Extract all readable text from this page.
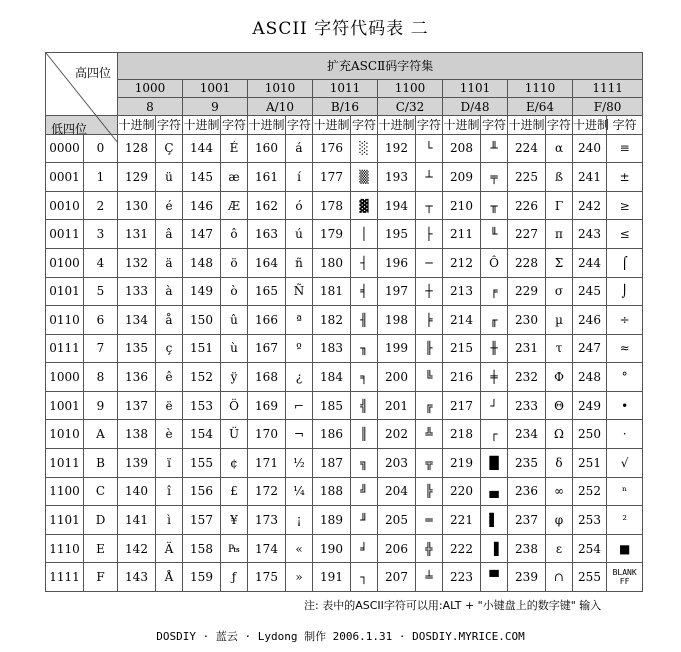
ASCII 字符代码表 二
高四位
低四位		扩充ASCⅡ码字符集															
		1000		1001		1010		1011		1100		1101		1110		1111	
		8		9		A/10		B/16		C/32		D/48		E/64		F/80	
		十进制	字符	十进制	字符	十进制	字符	十进制	字符	十进制	字符	十进制	字符	十进制	字符	十进制	字符
0000	0	128	Ç	144	É	160	á	176	░	192	└	208	╨	224	α	240	≡
0001	1	129	ü	145	æ	161	í	177	▒	193	┴	209	╤	225	ß	241	±
0010	2	130	é	146	Æ	162	ó	178	▓	194	┬	210	╥	226	Γ	242	≥
0011	3	131	â	147	ô	163	ú	179	│	195	├	211	╙	227	π	243	≤
0100	4	132	ä	148	ö	164	ñ	180	┤	196	─	212	Ô	228	Σ	244	⌠
0101	5	133	à	149	ò	165	Ñ	181	╡	197	┼	213	╒	229	σ	245	⌡
0110	6	134	å	150	û	166	ª	182	╢	198	╞	214	╓	230	µ	246	÷
0111	7	135	ç	151	ù	167	º	183	╖	199	╟	215	╫	231	τ	247	≈
1000	8	136	ê	152	ÿ	168	¿	184	╕	200	╚	216	╪	232	Φ	248	°
1001	9	137	ë	153	Ö	169	⌐	185	╣	201	╔	217	┘	233	Θ	249	•
1010	A	138	è	154	Ü	170	¬	186	║	202	╩	218	┌	234	Ω	250	·
1011	B	139	ï	155	¢	171	½	187	╗	203	╦	219	█	235	δ	251	√
1100	C	140	î	156	£	172	¼	188	╝	204	╠	220	▄	236	∞	252	ⁿ
1101	D	141	ì	157	¥	173	¡	189	╜	205	═	221	▌	237	φ	253	²
1110	E	142	Ä	158	₧	174	«	190	╛	206	╬	222	▐	238	ε	254	■
1111	F	143	Å	159	ƒ	175	»	191	┐	207	╧	223	▀	239	∩	255	BLANK FF
注: 表中的ASCII字符可以用:ALT + "小键盘上的数字键" 输入
DOSDIY · 蓝云 · Lydong 制作 2006.1.31 · DOSDIY.MYRICE.COM
